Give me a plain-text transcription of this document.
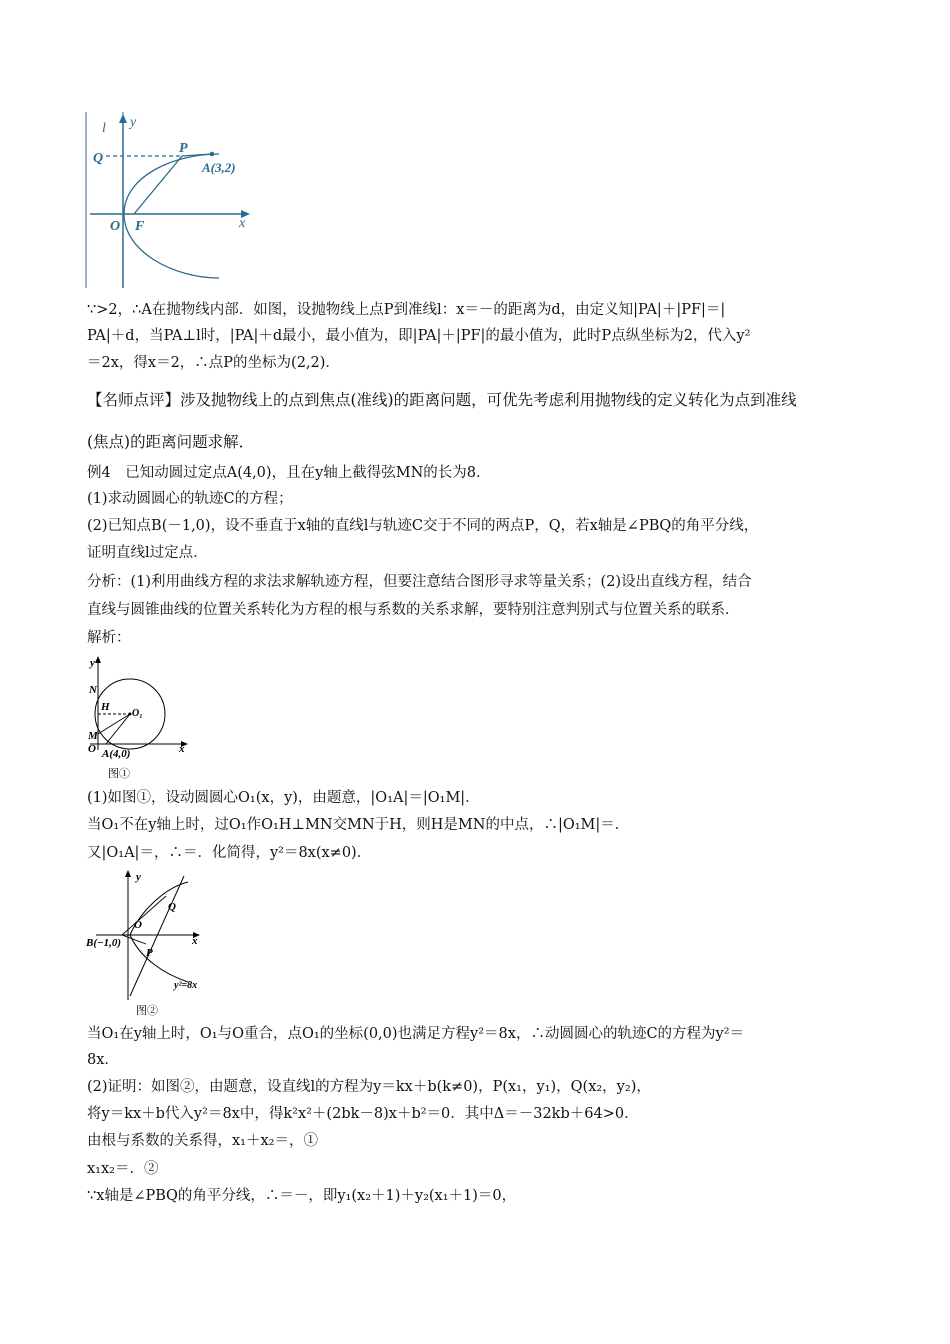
l y
Q
P
A(3,2)
O F	x
∵>2，∴A在抛物线内部．如图，设抛物线上点P到准线l：x＝－的距离为d，由定义知|PA|＋|PF|＝|
PA|＋d，当PA⊥l时，|PA|＋d最小，最小值为，即|PA|＋|PF|的最小值为，此时P点纵坐标为2，代入y²
＝2x，得x＝2，∴点P的坐标为(2,2)．
【名师点评】涉及抛物线上的点到焦点(准线)的距离问题，可优先考虑利用抛物线的定义转化为点到准线
(焦点)的距离问题求解．
例4　已知动圆过定点A(4,0)，且在y轴上截得弦MN的长为8．
(1)求动圆圆心的轨迹C的方程；
(2)已知点B(－1,0)，设不垂直于x轴的直线l与轨迹C交于不同的两点P，Q，若x轴是∠PBQ的角平分线，
证明直线l过定点．
分析：(1)利用曲线方程的求法求解轨迹方程，但要注意结合图形寻求等量关系；(2)设出直线方程，结合
直线与圆锥曲线的位置关系转化为方程的根与系数的关系求解，要特别注意判别式与位置关系的联系．
解析：
y
N
H
O₁
M
O A(4,0)	x
图①
(1)如图①，设动圆圆心O₁(x，y)，由题意，|O₁A|＝|O₁M|．
当O₁不在y轴上时，过O₁作O₁H⊥MN交MN于H，则H是MN的中点，∴|O₁M|＝．
又|O₁A|＝，∴＝．化简得，y²＝8x(x≠0)．
y
Q
O
B(−1,0)
P
x
y²=8x
图②
当O₁在y轴上时，O₁与O重合，点O₁的坐标(0,0)也满足方程y²＝8x，∴动圆圆心的轨迹C的方程为y²＝
8x．
(2)证明：如图②，由题意，设直线l的方程为y＝kx＋b(k≠0)，P(x₁，y₁)，Q(x₂，y₂)，
将y＝kx＋b代入y²＝8x中，得k²x²＋(2bk－8)x＋b²＝0．其中Δ＝－32kb＋64>0．
由根与系数的关系得，x₁＋x₂＝，①
x₁x₂＝．②
∵x轴是∠PBQ的角平分线，∴＝－，即y₁(x₂＋1)＋y₂(x₁＋1)＝0，
